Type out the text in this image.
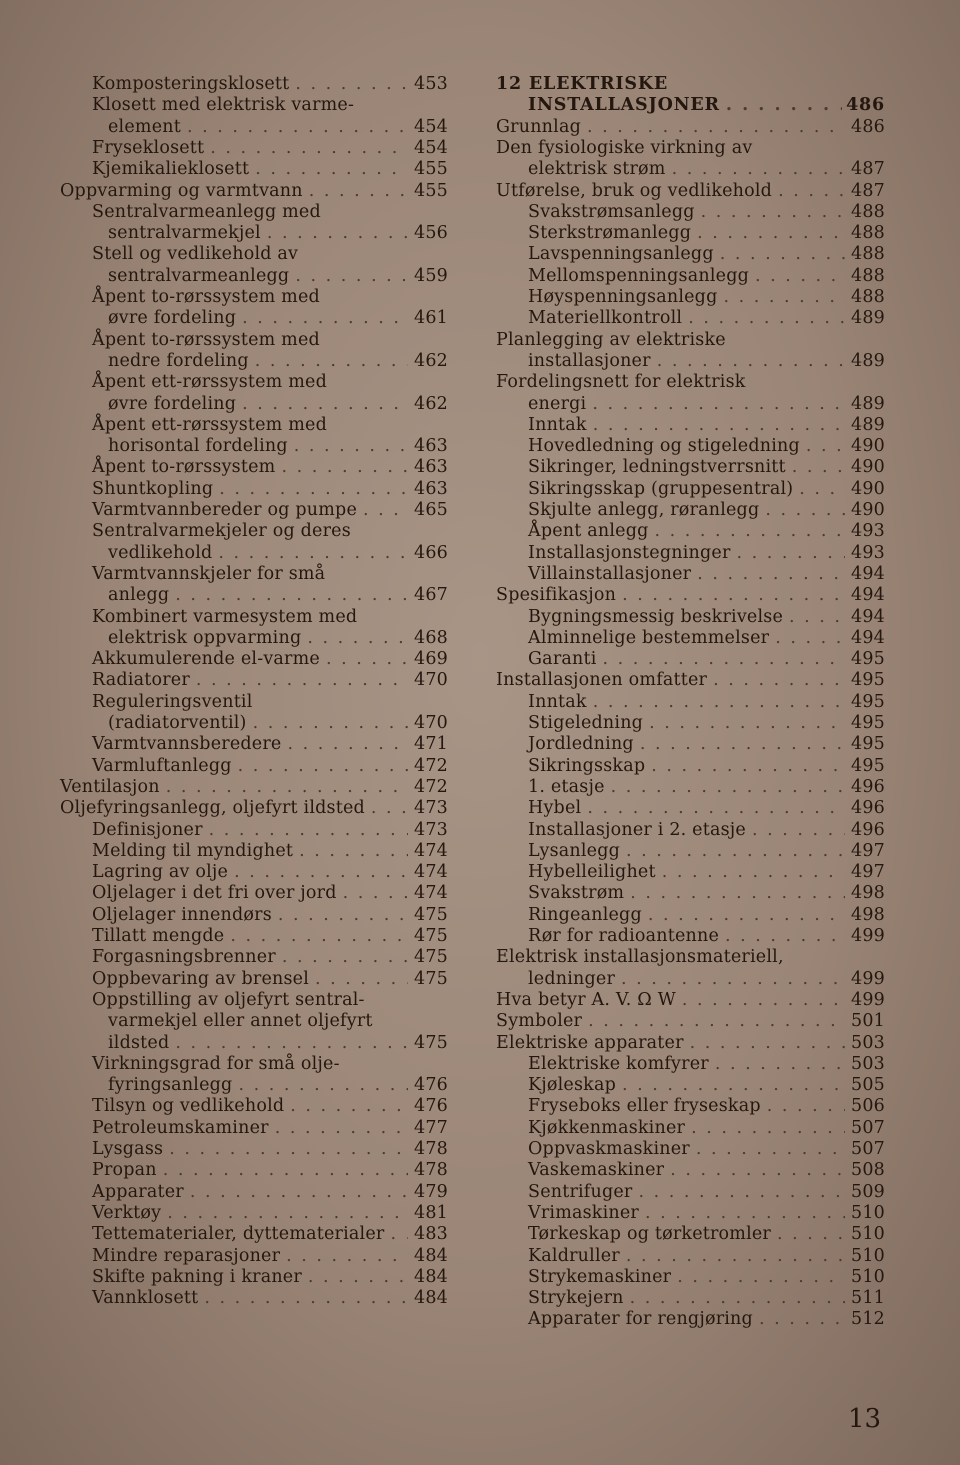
Komposteringsklosett . . .	453
Klosett med elektrisk varme-
element . . .	454
Fryseklosett . . .	454
Kjemikalieklosett . . .	455
Oppvarming og varmtvann . . .	455
Sentralvarmeanlegg med
sentralvarmekjel . . .	456
Stell og vedlikehold av
sentralvarmeanlegg . . .	459
Åpent to-rørssystem med
øvre fordeling . . .	461
Åpent to-rørssystem med
nedre fordeling . . .	462
Åpent ett-rørssystem med
øvre fordeling . . .	462
Åpent ett-rørssystem med
horisontal fordeling . . .	463
Åpent to-rørssystem . . .	463
Shuntkopling . . .	463
Varmtvannbereder og pumpe . . .	465
Sentralvarmekjeler og deres
vedlikehold . . .	466
Varmtvannskjeler for små
anlegg . . .	467
Kombinert varmesystem med
elektrisk oppvarming . . .	468
Akkumulerende el-varme . . .	469
Radiatorer . . .	470
Reguleringsventil
(radiatorventil) . . .	470
Varmtvannsberedere . . .	471
Varmluftanlegg . . .	472
Ventilasjon . . .	472
Oljefyringsanlegg, oljefyrt ildsted . . .	473
Definisjoner . . .	473
Melding til myndighet . . .	474
Lagring av olje . . .	474
Oljelager i det fri over jord . . .	474
Oljelager innendørs . . .	475
Tillatt mengde . . .	475
Forgasningsbrenner . . .	475
Oppbevaring av brensel . . .	475
Oppstilling av oljefyrt sentral-
varmekjel eller annet oljefyrt
ildsted . . .	475
Virkningsgrad for små olje-
fyringsanlegg . . .	476
Tilsyn og vedlikehold . . .	476
Petroleumskaminer . . .	477
Lysgass . . .	478
Propan . . .	478
Apparater . . .	479
Verktøy . . .	481
Tettematerialer, dyttematerialer . . . 483
Mindre reparasjoner . . .	484
Skifte pakning i kraner . . .	484
Vannklosett . . .	484
12 ELEKTRISKE
INSTALLASJONER . . .	486
Grunnlag . . .	486
Den fysiologiske virkning av
elektrisk strøm . . .	487
Utførelse, bruk og vedlikehold . . .	487
Svakstrømsanlegg . . .	488
Sterkstrømanlegg . . .	488
Lavspenningsanlegg . . .	488
Mellomspenningsanlegg . . .	488
Høyspenningsanlegg . . .	488
Materiellkontroll . . .	489
Planlegging av elektriske
installasjoner . . .	489
Fordelingsnett for elektrisk
energi . . .	489
Inntak . . .	489
Hovedledning og stigeledning . . .	490
Sikringer, ledningstverrsnitt . . .	490
Sikringsskap (gruppesentral) . . .	490
Skjulte anlegg, røranlegg . . .	490
Åpent anlegg . . .	493
Installasjonstegninger . . .	493
Villainstallasjoner . . .	494
Spesifikasjon . . .	494
Bygningsmessig beskrivelse . . .	494
Alminnelige bestemmelser . . .	494
Garanti . . .	495
Installasjonen omfatter . . .	495
Inntak . . .	495
Stigeledning . . .	495
Jordledning . . .	495
Sikringsskap . . .	495
1. etasje . . .	496
Hybel . . .	496
Installasjoner i 2. etasje . . .	496
Lysanlegg . . .	497
Hybelleilighet . . .	497
Svakstrøm . . .	498
Ringeanlegg . . .	498
Rør for radioantenne . . .	499
Elektrisk installasjonsmateriell,
ledninger . . .	499
Hva betyr A. V. Ω W . . .	499
Symboler . . .	501
Elektriske apparater . . .	503
Elektriske komfyrer . . .	503
Kjøleskap . . .	505
Fryseboks eller fryseskap . . .	506
Kjøkkenmaskiner . . .	507
Oppvaskmaskiner . . .	507
Vaskemaskiner . . .	508
Sentrifuger . . .	509
Vrimaskiner . . .	510
Tørkeskap og tørketromler . . .	510
Kaldruller . . .	510
Strykemaskiner . . .	510
Strykejern . . .	511
Apparater for rengjøring . . .	512
13
